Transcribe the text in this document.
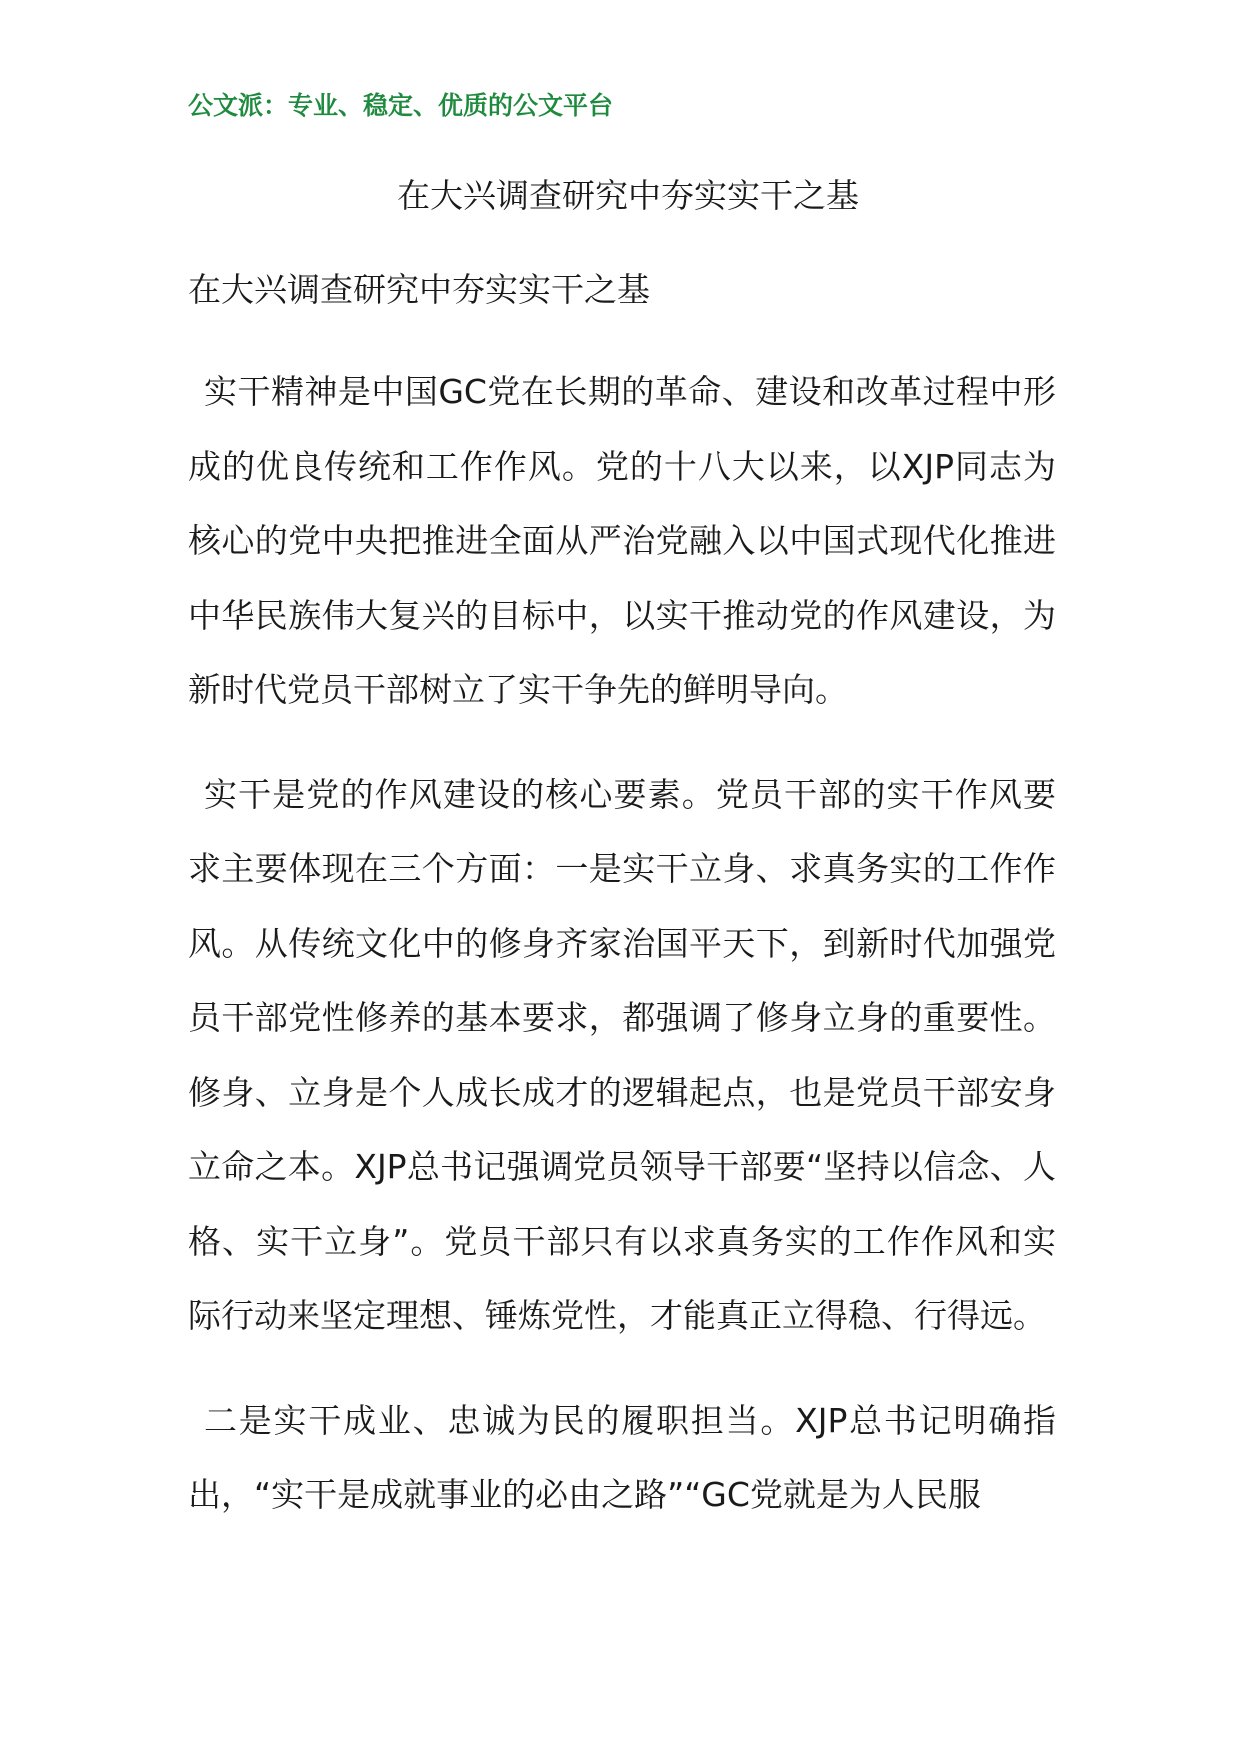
公文派：专业、稳定、优质的公文平台
在大兴调查研究中夯实实干之基
在大兴调查研究中夯实实干之基

实干精神是中国GC党在长期的革命、建设和改革过程中形成的优良传统和工作作风。党的十八大以来，以XJP同志为核心的党中央把推进全面从严治党融入以中国式现代化推进中华民族伟大复兴的目标中，以实干推动党的作风建设，为新时代党员干部树立了实干争先的鲜明导向。

实干是党的作风建设的核心要素。党员干部的实干作风要求主要体现在三个方面：一是实干立身、求真务实的工作作风。从传统文化中的修身齐家治国平天下，到新时代加强党员干部党性修养的基本要求，都强调了修身立身的重要性。修身、立身是个人成长成才的逻辑起点，也是党员干部安身立命之本。XJP总书记强调党员领导干部要“坚持以信念、人格、实干立身”。党员干部只有以求真务实的工作作风和实际行动来坚定理想、锤炼党性，才能真正立得稳、行得远。

二是实干成业、忠诚为民的履职担当。XJP总书记明确指出，“实干是成就事业的必由之路”“GC党就是为人民服
